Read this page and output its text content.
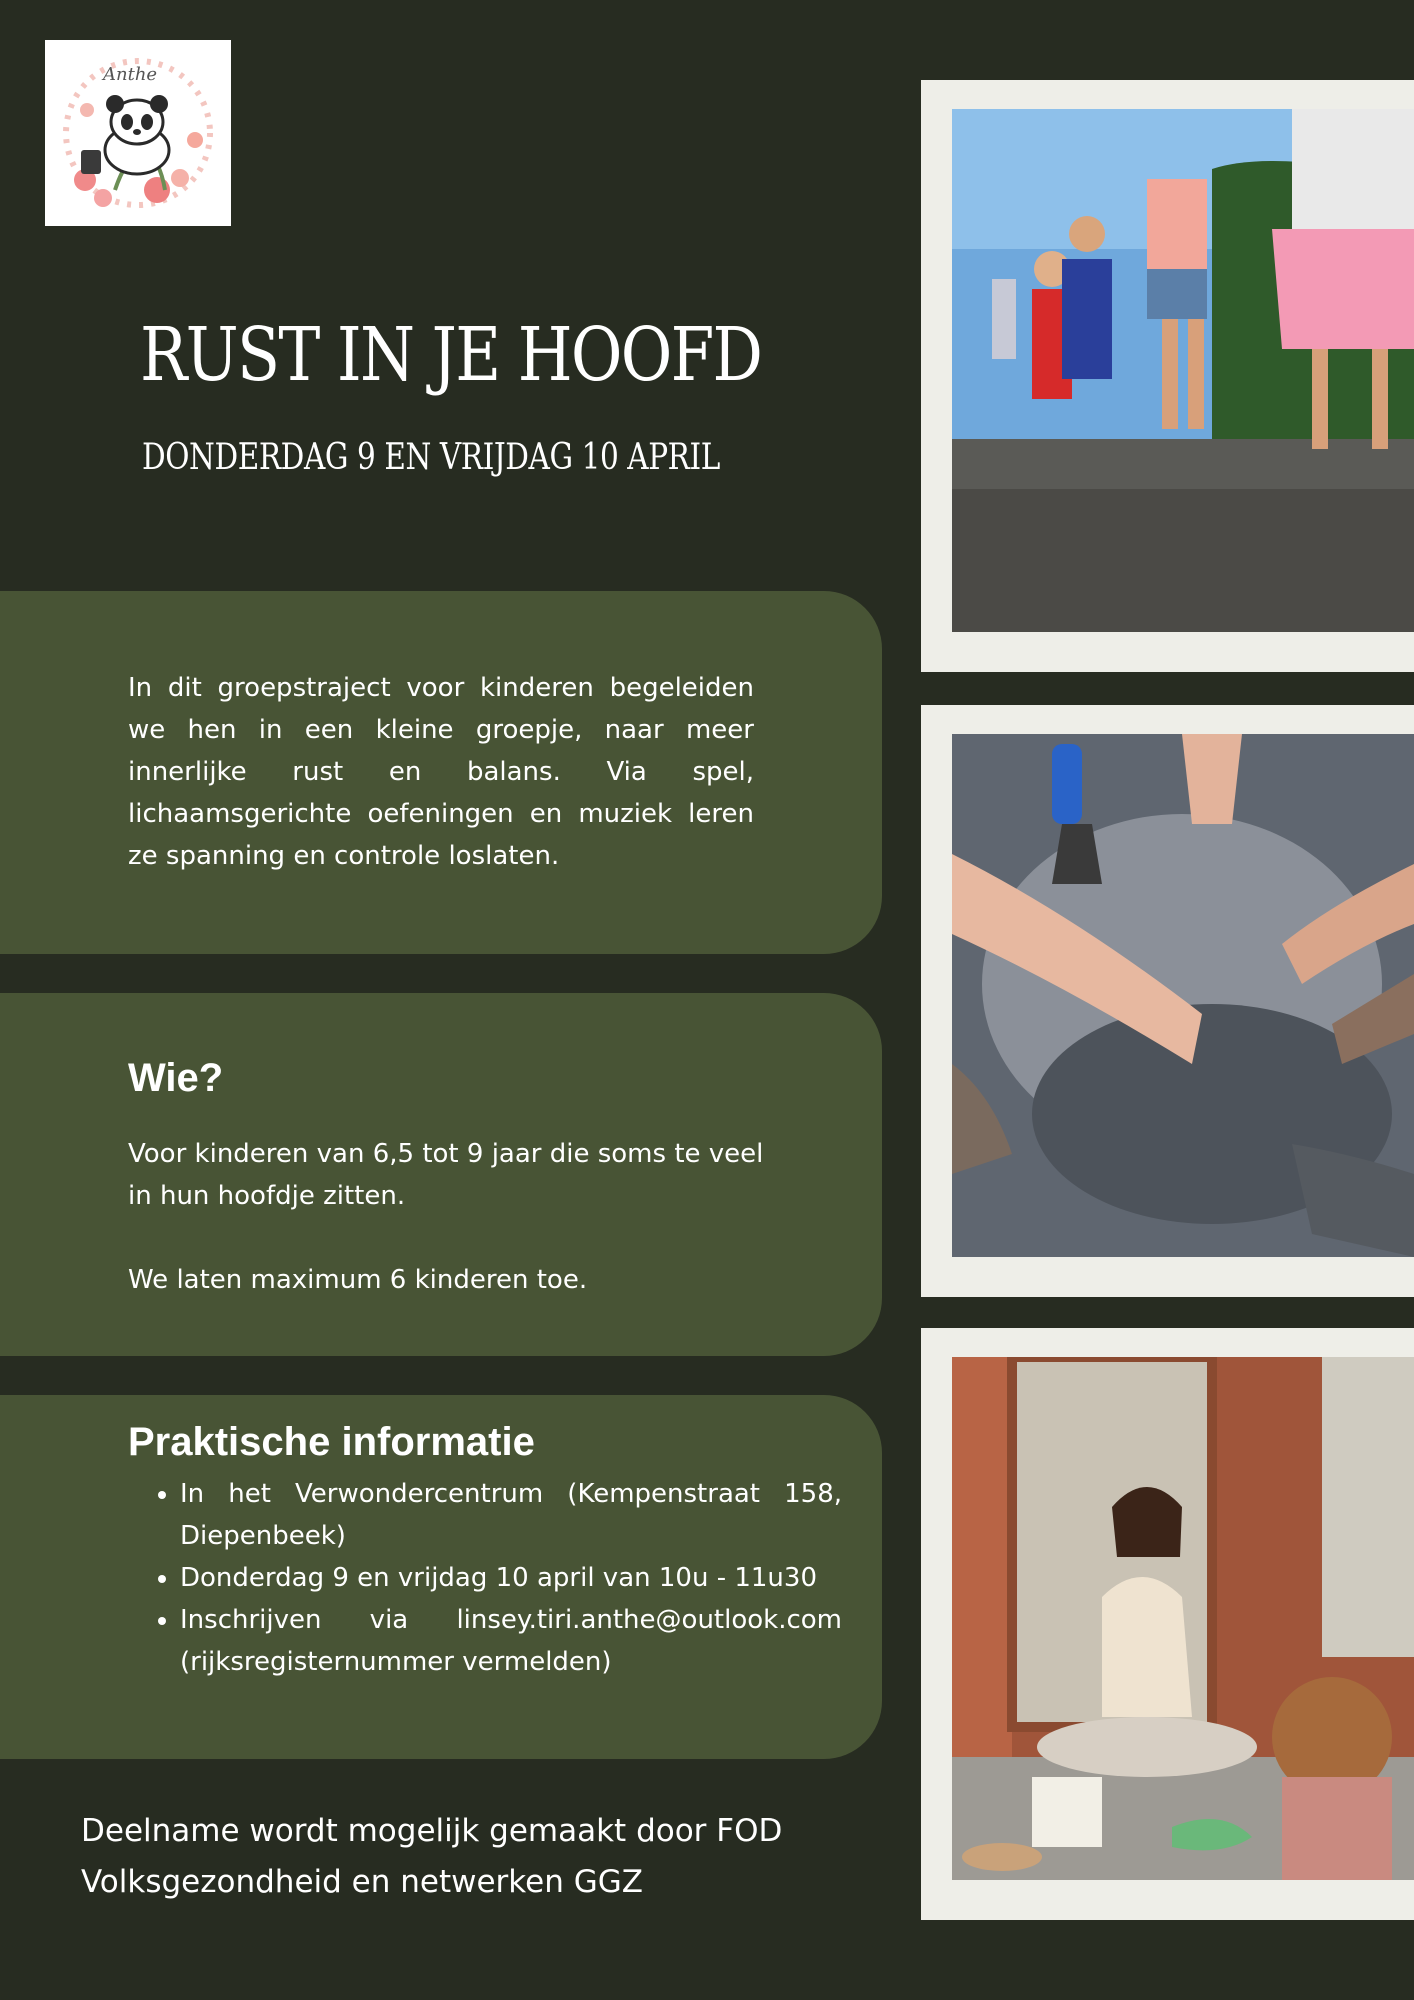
Anthe
RUST IN JE HOOFD
DONDERDAG 9 EN VRIJDAG 10 APRIL

In dit groepstraject voor kinderen begeleiden we hen in een kleine groepje, naar meer innerlijke rust en balans. Via spel, lichaamsgerichte oefeningen en muziek leren ze spanning en controle loslaten.

Wie?

Voor kinderen van 6,5 tot 9 jaar die soms te veel in hun hoofdje zitten.

We laten maximum 6 kinderen toe.

Praktische informatie
• In het Verwondercentrum (Kempenstraat 158, Diepenbeek)
• Donderdag 9 en vrijdag 10 april van 10u - 11u30
• Inschrijven via linsey.tiri.anthe@outlook.com (rijksregisternummer vermelden)

Deelname wordt mogelijk gemaakt door FOD Volksgezondheid en netwerken GGZ
